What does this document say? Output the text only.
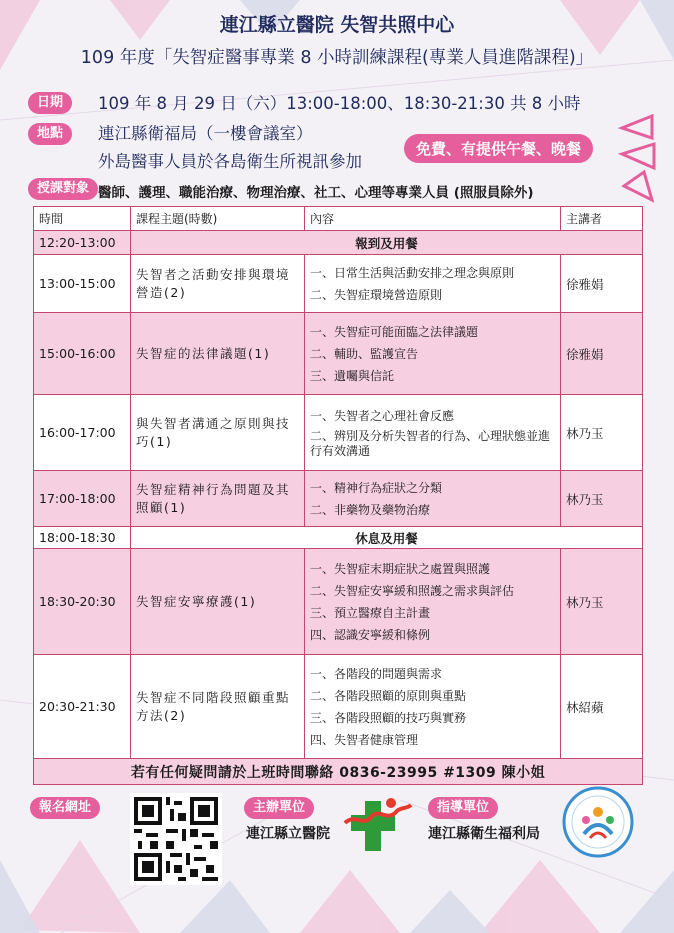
連江縣立醫院 失智共照中心
109 年度「失智症醫事專業 8 小時訓練課程(專業人員進階課程)」
日期	109 年 8 月 29 日（六）13:00-18:00、18:30-21:30 共 8 小時
地點	連江縣衛福局（一樓會議室）
外島醫事人員於各島衛生所視訊參加
免費、有提供午餐、晚餐
授課對象 醫師、護理、職能治療、物理治療、社工、心理等專業人員 (照服員除外)
時間	課程主題(時數)	內容	主講者
12:20-13:00	報到及用餐		
13:00-15:00	失智者之活動安排與環境營造(2)	一、日常生活與活動安排之理念與原則
二、失智症環境營造原則	徐雅娟
15:00-16:00	失智症的法律議題(1)	一、失智症可能面臨之法律議題
二、輔助、監護宣告
三、遺囑與信託	徐雅娟
16:00-17:00	與失智者溝通之原則與技巧(1)	一、失智者之心理社會反應
二、辨別及分析失智者的行為、心理狀態並進行有效溝通	林乃玉
17:00-18:00	失智症精神行為問題及其照顧(1)	一、精神行為症狀之分類
二、非藥物及藥物治療	林乃玉
18:00-18:30	休息及用餐		
18:30-20:30	失智症安寧療護(1)	一、失智症末期症狀之處置與照護
二、失智症安寧緩和照護之需求與評估
三、預立醫療自主計畫
四、認識安寧緩和條例	林乃玉
20:30-21:30	失智症不同階段照顧重點方法(2)	一、各階段的問題與需求
二、各階段照顧的原則與重點
三、各階段照顧的技巧與實務
四、失智者健康管理	林紹蘋
若有任何疑問請於上班時間聯絡 0836-23995 #1309 陳小姐			
報名網址	主辦單位
連江縣立醫院
指導單位
連江縣衛生福利局
